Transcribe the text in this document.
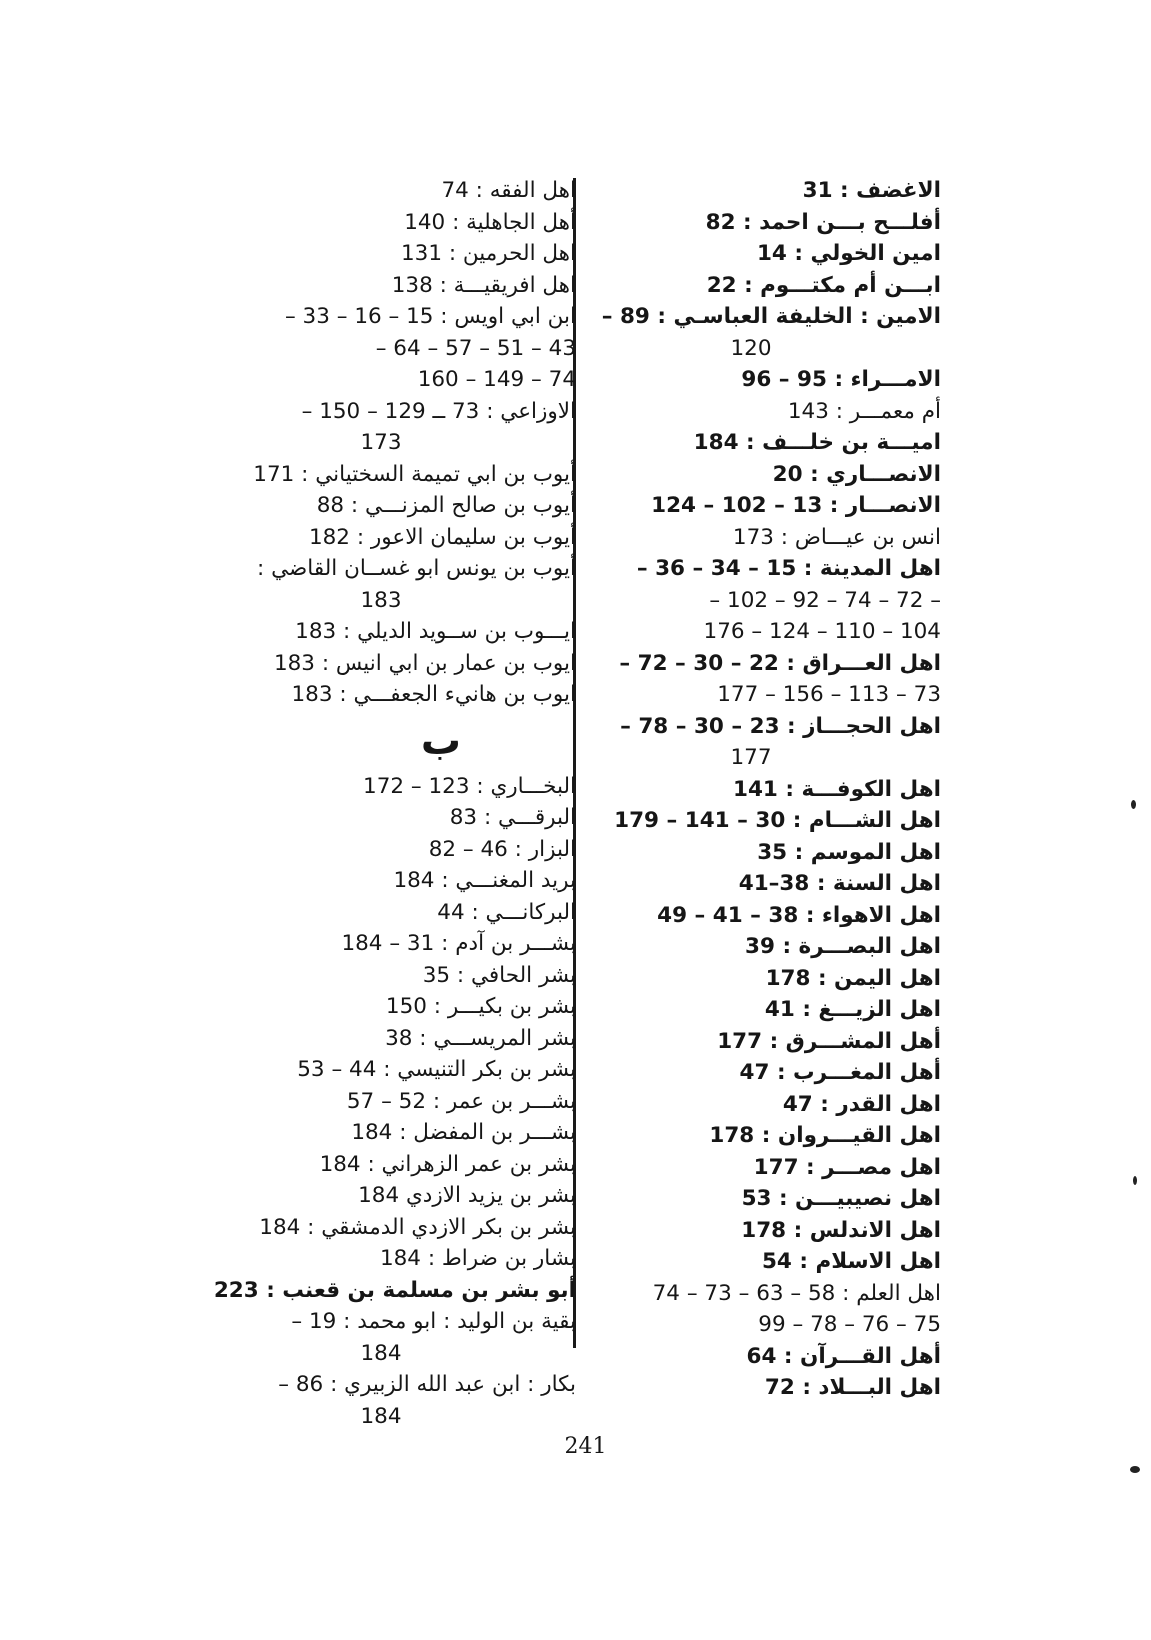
الاغضف : 31
أفلـــح بـــن احمد : 82
امين الخولي : 14
ابـــن أم مكتـــوم : 22
الامين : الخليفة العباسـي : 89 –
120
الامـــراء : 95 – 96
أم معمـــر : 143
اميـــة بن خلـــف : 184
الانصـــاري : 20
الانصـــار : 13 – 102 – 124
انس بن عيـــاض : 173
اهل المدينة : 15 – 34 – 36 –
– 72 – 74 – 92 – 102 –
104 – 110 – 124 – 176
اهل العـــراق : 22 – 30 – 72 –
73 – 113 – 156 – 177
اهل الحجـــاز : 23 – 30 – 78 –
177
اهل الكوفـــة : 141
اهل الشـــام : 30 – 141 – 179
اهل الموسم : 35
اهل السنة : 38–41
اهل الاهواء : 38 – 41 – 49
اهل البصـــرة : 39
اهل اليمن : 178
اهل الزيـــغ : 41
أهل المشـــرق : 177
أهل المغـــرب : 47
اهل القدر : 47
اهل القيـــروان : 178
اهل مصـــر : 177
اهل نصيبيـــن : 53
اهل الاندلس : 178
اهل الاسلام : 54
اهل العلم : 58 – 63 – 73 – 74
75 – 76 – 78 – 99
أهل القـــرآن : 64
اهل البـــلاد : 72
اهل الفقه : 74
أهل الجاهلية : 140
اهل الحرمين : 131
اهل افريقيـــة : 138
ابن ابي اويس : 15 – 16 – 33 –
43 – 51 – 57 – 64 –
74 – 149 – 160
الاوزاعي : 73 ــ 129 – 150 –
173
أيوب بن ابي تميمة السختياني : 171
أيوب بن صالح المزنـــي : 88
أيوب بن سليمان الاعور : 182
أيوب بن يونس ابو غســان القاضي :
183
ايـــوب بن ســويد الديلي : 183
ايوب بن عمار بن ابي انيس : 183
ايوب بن هانيء الجعفـــي : 183
ب
البخـــاري : 123 – 172
البرقـــي : 83
البزار : 46 – 82
بريد المغنـــي : 184
البركانـــي : 44
بشـــر بن آدم : 31 – 184
بشر الحافي : 35
بشر بن بكيـــر : 150
بشر المريســـي : 38
بشر بن بكر التنيسي : 44 – 53
بشـــر بن عمر : 52 – 57
بشـــر بن المفضل : 184
بشر بن عمر الزهراني : 184
بشر بن يزيد الازدي 184
بشر بن بكر الازدي الدمشقي : 184
بشار بن ضراط : 184
أبو بشر بن مسلمة بن قعنب : 223
بقية بن الوليد : ابو محمد : 19 –
184
بكار : ابن عبد الله الزبيري : 86 –
184
241
